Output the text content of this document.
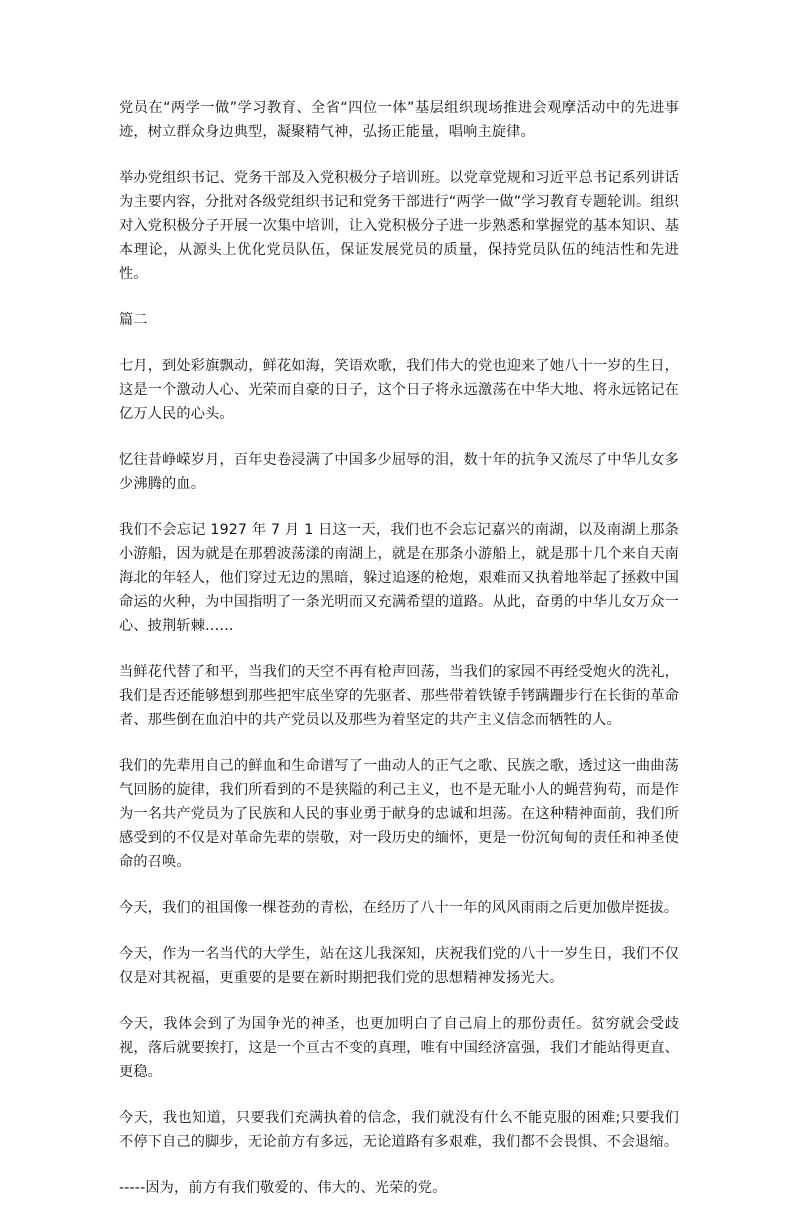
党员在“两学一做”学习教育、全省“四位一体”基层组织现场推进会观摩活动中的先进事迹，树立群众身边典型，凝聚精气神，弘扬正能量，唱响主旋律。

举办党组织书记、党务干部及入党积极分子培训班。以党章党规和习近平总书记系列讲话为主要内容，分批对各级党组织书记和党务干部进行“两学一做”学习教育专题轮训。组织对入党积极分子开展一次集中培训，让入党积极分子进一步熟悉和掌握党的基本知识、基本理论，从源头上优化党员队伍，保证发展党员的质量，保持党员队伍的纯洁性和先进性。

篇二

七月，到处彩旗飘动，鲜花如海，笑语欢歌，我们伟大的党也迎来了她八十一岁的生日，这是一个激动人心、光荣而自豪的日子，这个日子将永远激荡在中华大地、将永远铭记在亿万人民的心头。

忆往昔峥嵘岁月，百年史卷浸满了中国多少屈辱的泪，数十年的抗争又流尽了中华儿女多少沸腾的血。

我们不会忘记 1927 年 7 月 1 日这一天，我们也不会忘记嘉兴的南湖，以及南湖上那条小游船，因为就是在那碧波荡漾的南湖上，就是在那条小游船上，就是那十几个来自天南海北的年轻人，他们穿过无边的黑暗，躲过追逐的枪炮，艰难而又执着地举起了拯救中国命运的火种，为中国指明了一条光明而又充满希望的道路。从此，奋勇的中华儿女万众一心、披荆斩棘……

当鲜花代替了和平，当我们的天空不再有枪声回荡，当我们的家园不再经受炮火的洗礼，我们是否还能够想到那些把牢底坐穿的先驱者、那些带着铁镣手铐蹒跚步行在长街的革命者、那些倒在血泊中的共产党员以及那些为着坚定的共产主义信念而牺牲的人。

我们的先辈用自己的鲜血和生命谱写了一曲动人的正气之歌、民族之歌，透过这一曲曲荡气回肠的旋律，我们所看到的不是狭隘的利己主义，也不是无耻小人的蝇营狗苟，而是作为一名共产党员为了民族和人民的事业勇于献身的忠诚和坦荡。在这种精神面前，我们所感受到的不仅是对革命先辈的崇敬，对一段历史的缅怀，更是一份沉甸甸的责任和神圣使命的召唤。

今天，我们的祖国像一棵苍劲的青松，在经历了八十一年的风风雨雨之后更加傲岸挺拔。

今天，作为一名当代的大学生，站在这儿我深知，庆祝我们党的八十一岁生日，我们不仅仅是对其祝福，更重要的是要在新时期把我们党的思想精神发扬光大。

今天，我体会到了为国争光的神圣，也更加明白了自己肩上的那份责任。贫穷就会受歧视，落后就要挨打，这是一个亘古不变的真理，唯有中国经济富强，我们才能站得更直、更稳。

今天，我也知道，只要我们充满执着的信念，我们就没有什么不能克服的困难;只要我们不停下自己的脚步，无论前方有多远，无论道路有多艰难，我们都不会畏惧、不会退缩。

-----因为，前方有我们敬爱的、伟大的、光荣的党。
